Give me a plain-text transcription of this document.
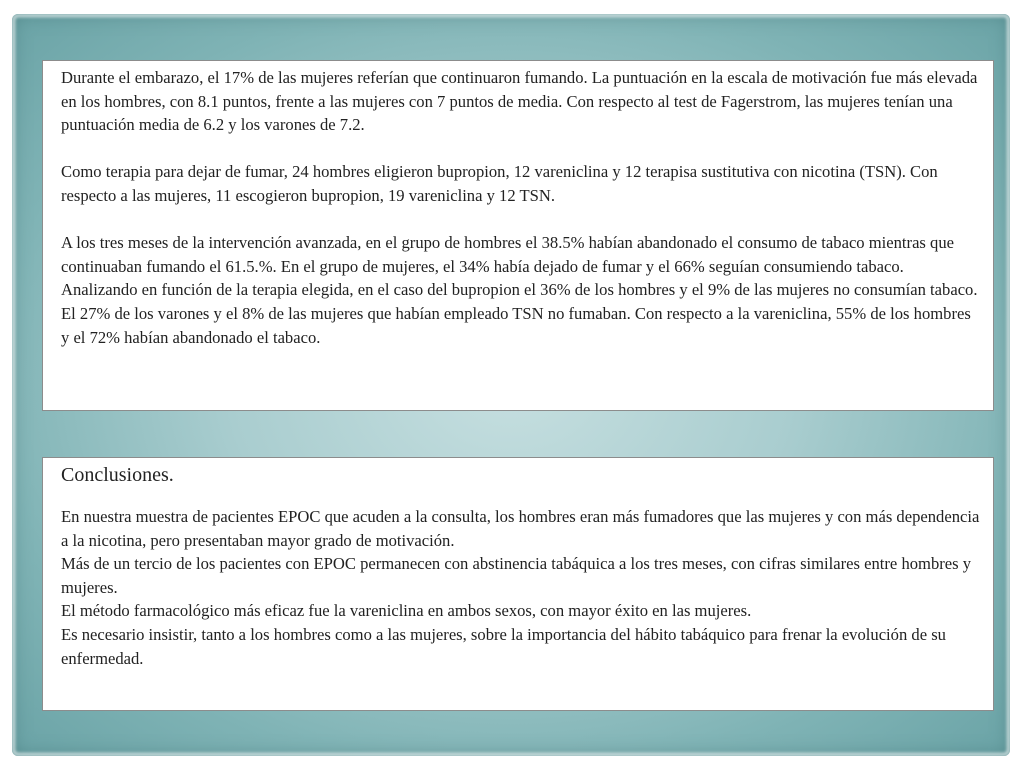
Durante el embarazo, el 17% de las mujeres referían que continuaron fumando. La puntuación en la escala de motivación fue más elevada en los hombres, con 8.1 puntos, frente a las mujeres con 7 puntos de media. Con respecto al test de Fagerstrom, las mujeres tenían una puntuación media de 6.2 y los varones de 7.2.

Como terapia para dejar de fumar, 24 hombres eligieron bupropion, 12 vareniclina y 12 terapisa sustitutiva con nicotina (TSN). Con respecto a las mujeres, 11 escogieron bupropion, 19 vareniclina y 12 TSN.

A los tres meses de la intervención avanzada, en el grupo de hombres el 38.5% habían abandonado el consumo de tabaco mientras que continuaban fumando el 61.5.%. En el grupo de mujeres, el 34% había dejado de fumar y el 66% seguían consumiendo tabaco. Analizando en función de la terapia elegida, en el caso del bupropion el 36% de los hombres y el 9% de las mujeres no consumían tabaco. El 27% de los varones y el 8% de las mujeres que habían empleado TSN no fumaban. Con respecto a la vareniclina, 55% de los hombres y el 72% habían abandonado el tabaco.

Conclusiones.

En nuestra muestra de pacientes EPOC que acuden a la consulta, los hombres eran más fumadores que las mujeres y con más dependencia a la nicotina, pero presentaban mayor grado de motivación.

Más de un tercio de los pacientes con EPOC permanecen con abstinencia tabáquica a los tres meses, con cifras similares entre hombres y mujeres.

El método farmacológico más eficaz fue la vareniclina en ambos sexos, con mayor éxito en las mujeres.

Es necesario insistir, tanto a los hombres como a las mujeres, sobre la importancia del hábito tabáquico para frenar la evolución de su enfermedad.
